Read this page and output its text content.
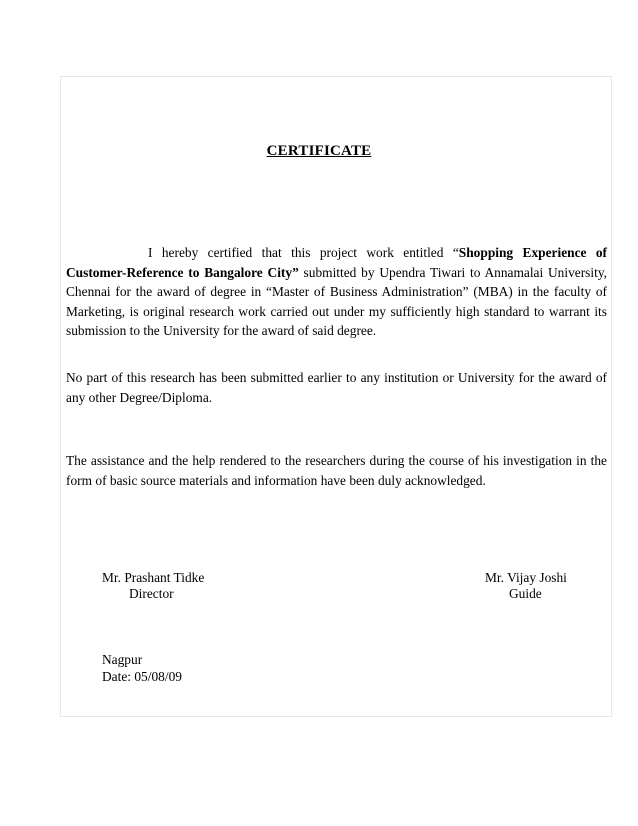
CERTIFICATE

I hereby certified that this project work entitled “Shopping Experience of Customer-Reference to Bangalore City” submitted by Upendra Tiwari to Annamalai University, Chennai for the award of degree in “Master of Business Administration” (MBA) in the faculty of Marketing, is original research work carried out under my sufficiently high standard to warrant its submission to the University for the award of said degree.

No part of this research has been submitted earlier to any institution or University for the award of any other Degree/Diploma.

The assistance and the help rendered to the researchers during the course of his investigation in the form of basic source materials and information have been duly acknowledged.

Mr. Prashant Tidke
Director
Mr. Vijay Joshi
Guide
Nagpur
Date: 05/08/09
